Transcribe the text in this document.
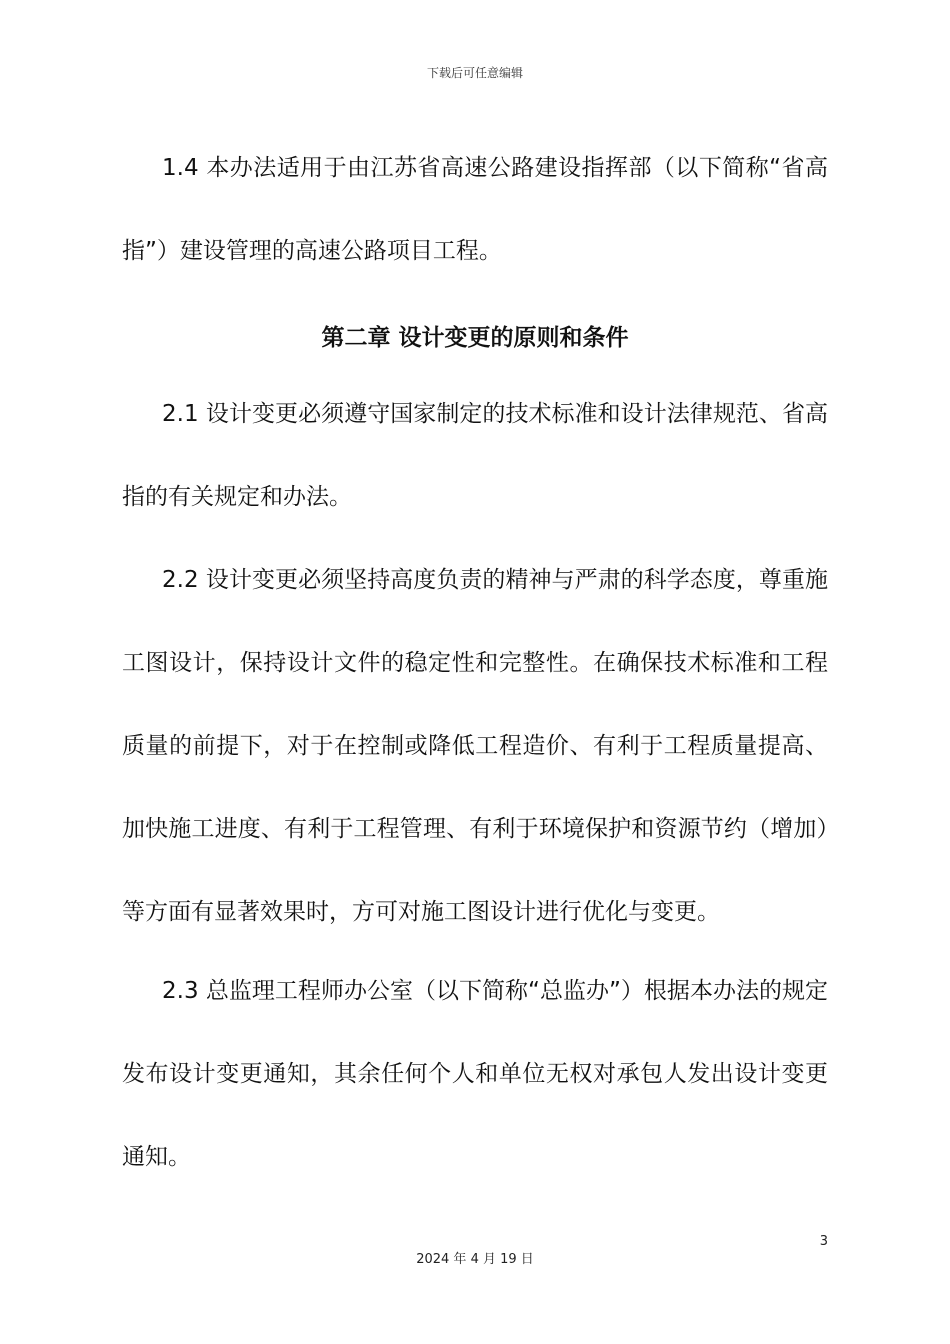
下载后可任意编辑

1.4 本办法适用于由江苏省高速公路建设指挥部（以下简称“省高指”）建设管理的高速公路项目工程。

第二章 设计变更的原则和条件

2.1 设计变更必须遵守国家制定的技术标准和设计法律规范、省高指的有关规定和办法。

2.2 设计变更必须坚持高度负责的精神与严肃的科学态度，尊重施工图设计，保持设计文件的稳定性和完整性。在确保技术标准和工程质量的前提下，对于在控制或降低工程造价、有利于工程质量提高、加快施工进度、有利于工程管理、有利于环境保护和资源节约（增加）等方面有显著效果时，方可对施工图设计进行优化与变更。

2.3 总监理工程师办公室（以下简称“总监办”）根据本办法的规定发布设计变更通知，其余任何个人和单位无权对承包人发出设计变更通知。

3
2024 年 4 月 19 日
